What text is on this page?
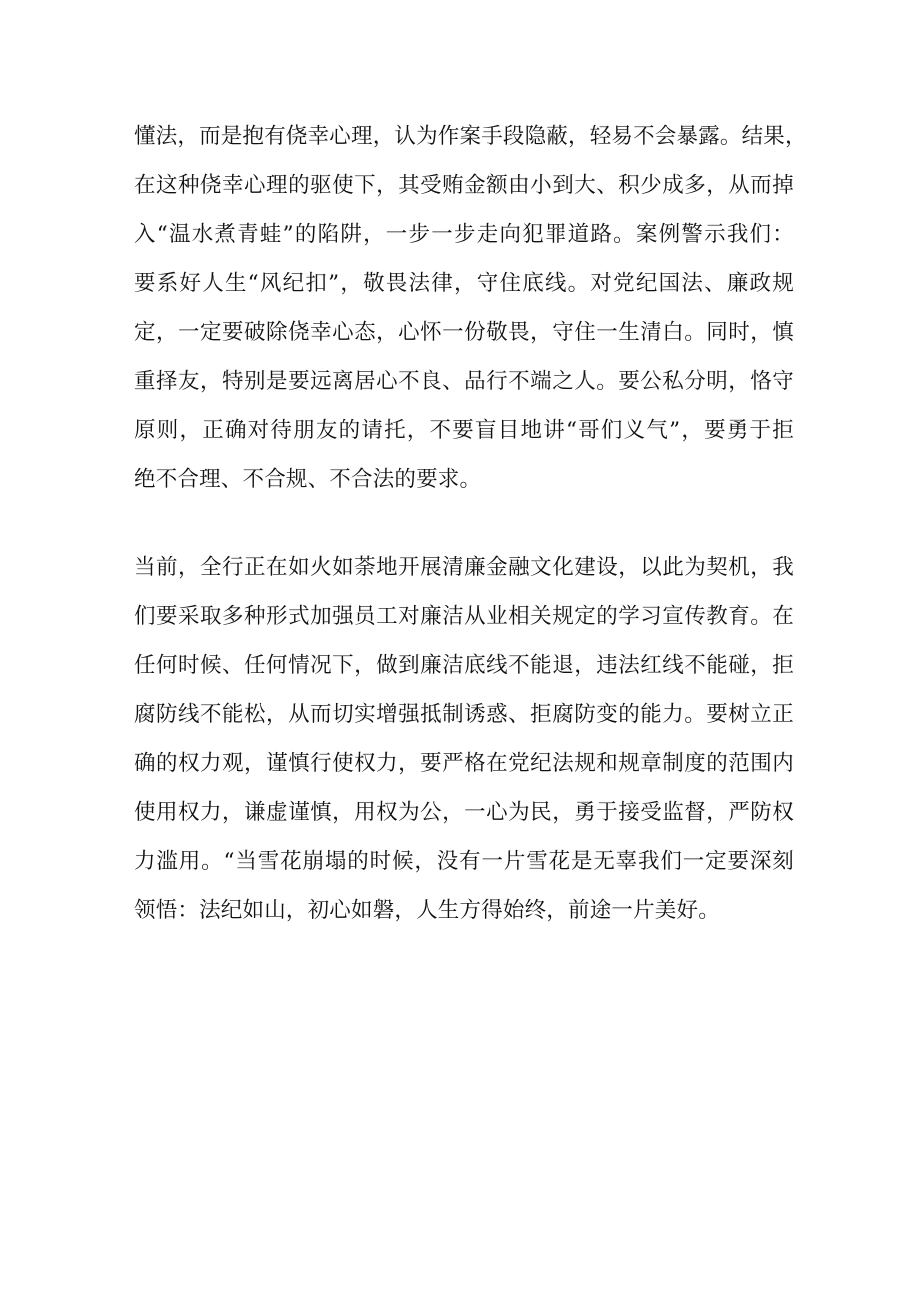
懂法，而是抱有侥幸心理，认为作案手段隐蔽，轻易不会暴露。结果，
在这种侥幸心理的驱使下，其受贿金额由小到大、积少成多，从而掉
入“温水煮青蛙”的陷阱，一步一步走向犯罪道路。案例警示我们：
要系好人生“风纪扣”，敬畏法律，守住底线。对党纪国法、廉政规
定，一定要破除侥幸心态，心怀一份敬畏，守住一生清白。同时，慎
重择友，特别是要远离居心不良、品行不端之人。要公私分明，恪守
原则，正确对待朋友的请托，不要盲目地讲“哥们义气”，要勇于拒
绝不合理、不合规、不合法的要求。
当前，全行正在如火如荼地开展清廉金融文化建设，以此为契机，我
们要采取多种形式加强员工对廉洁从业相关规定的学习宣传教育。在
任何时候、任何情况下，做到廉洁底线不能退，违法红线不能碰，拒
腐防线不能松，从而切实增强抵制诱惑、拒腐防变的能力。要树立正
确的权力观，谨慎行使权力，要严格在党纪法规和规章制度的范围内
使用权力，谦虚谨慎，用权为公，一心为民，勇于接受监督，严防权
力滥用。“当雪花崩塌的时候，没有一片雪花是无辜我们一定要深刻
领悟：法纪如山，初心如磐，人生方得始终，前途一片美好。
